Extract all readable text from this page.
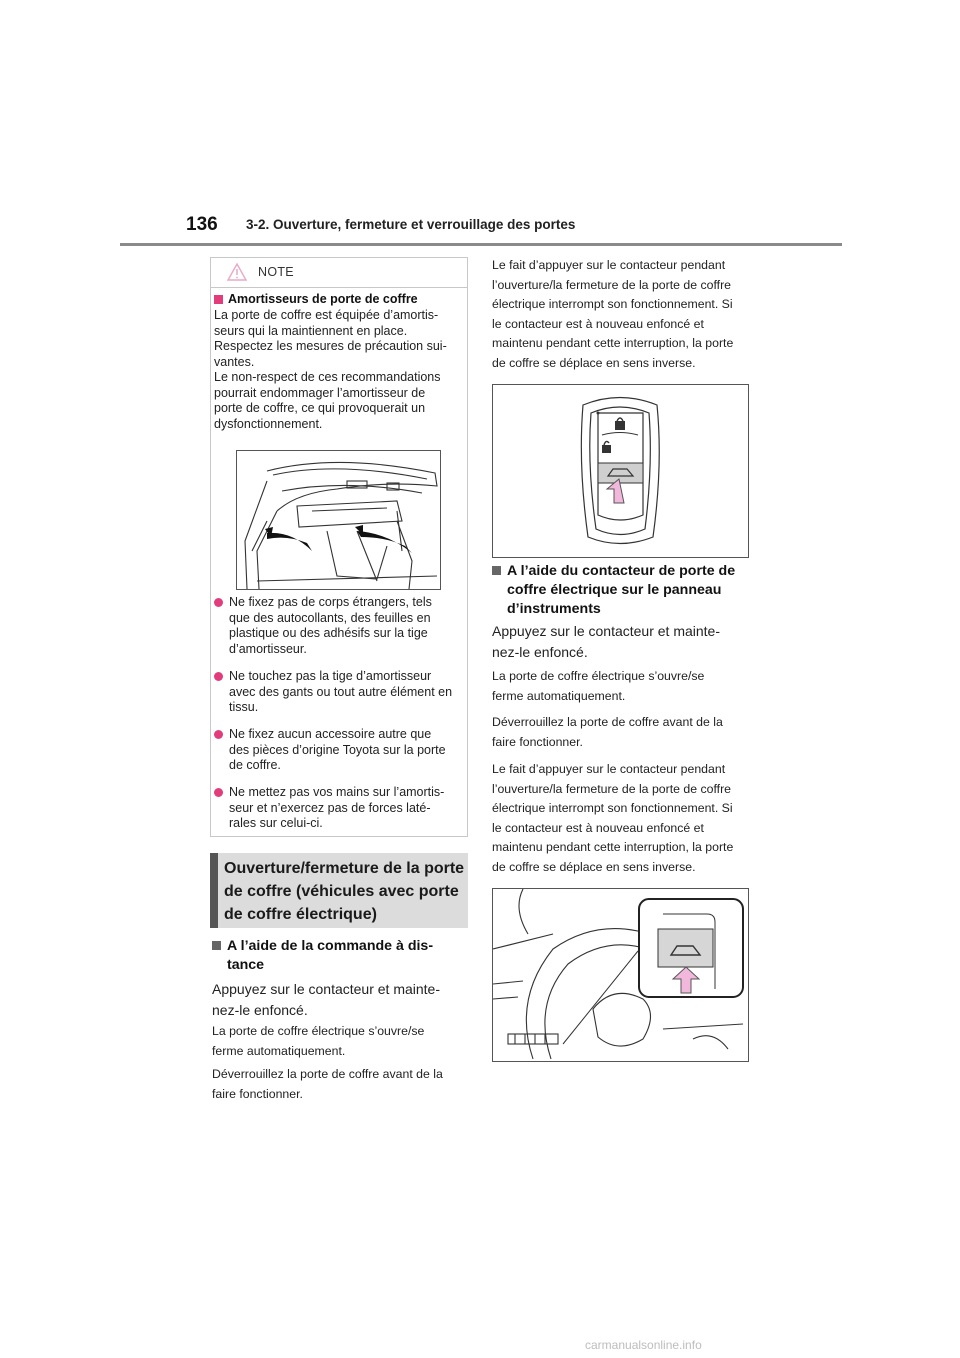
136 3-2. Ouverture, fermeture et verrouillage des portes
NOTE
Amortisseurs de porte de coffre
La porte de coffre est équipée d’amortis-
seurs qui la maintiennent en place.
Respectez les mesures de précaution sui-
vantes.
Le non-respect de ces recommandations
pourrait endommager l’amortisseur de
porte de coffre, ce qui provoquerait un
dysfonctionnement.
Ne fixez pas de corps étrangers, tels
que des autocollants, des feuilles en
plastique ou des adhésifs sur la tige
d’amortisseur.
Ne touchez pas la tige d’amortisseur
avec des gants ou tout autre élément en
tissu.
Ne fixez aucun accessoire autre que
des pièces d’origine Toyota sur la porte
de coffre.
Ne mettez pas vos mains sur l’amortis-
seur et n’exercez pas de forces laté-
rales sur celui-ci.
Ouverture/fermeture de la porte
de coffre (véhicules avec porte
de coffre électrique)
A l’aide de la commande à dis-
tance
Appuyez sur le contacteur et mainte-
nez-le enfoncé.
La porte de coffre électrique s’ouvre/se
ferme automatiquement.
Déverrouillez la porte de coffre avant de la
faire fonctionner.
Le fait d’appuyer sur le contacteur pendant
l’ouverture/la fermeture de la porte de coffre
électrique interrompt son fonctionnement. Si
le contacteur est à nouveau enfoncé et
maintenu pendant cette interruption, la porte
de coffre se déplace en sens inverse.
A l’aide du contacteur de porte de
coffre électrique sur le panneau
d’instruments
Appuyez sur le contacteur et mainte-
nez-le enfoncé.
La porte de coffre électrique s’ouvre/se
ferme automatiquement.
Déverrouillez la porte de coffre avant de la
faire fonctionner.
Le fait d’appuyer sur le contacteur pendant
l’ouverture/la fermeture de la porte de coffre
électrique interrompt son fonctionnement. Si
le contacteur est à nouveau enfoncé et
maintenu pendant cette interruption, la porte
de coffre se déplace en sens inverse.
carmanualsonline.info
